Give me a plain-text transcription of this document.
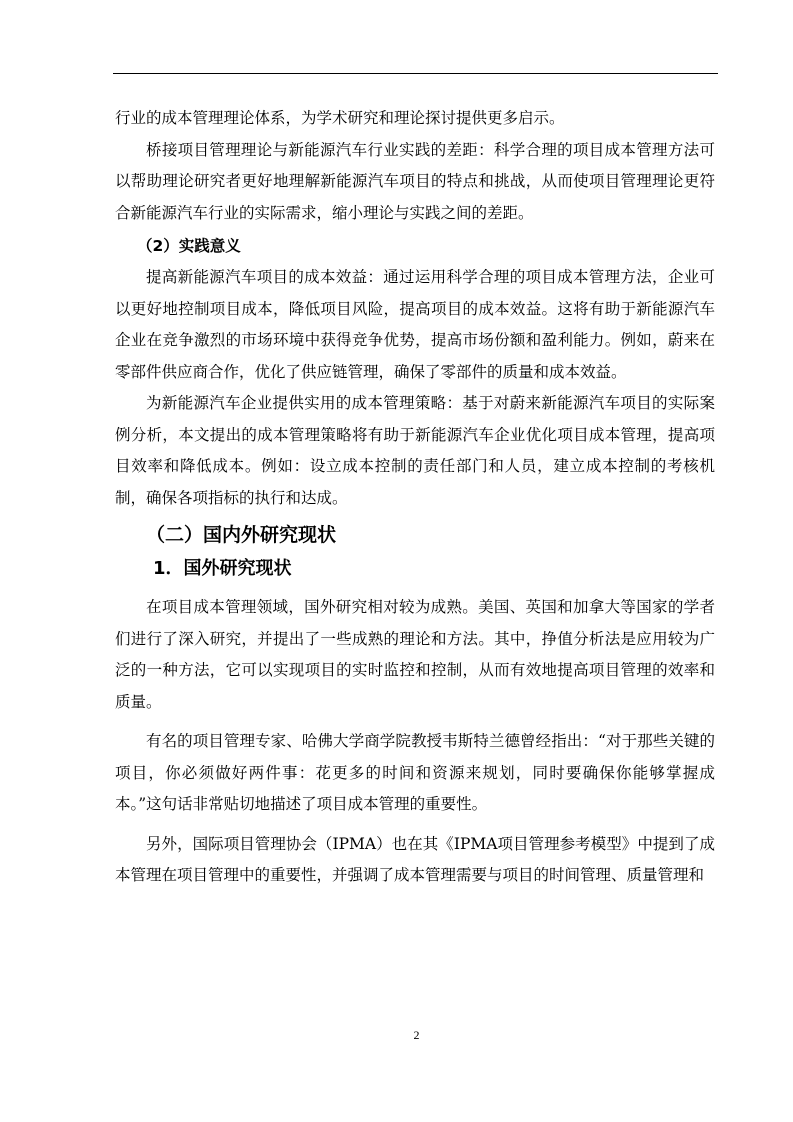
行业的成本管理理论体系，为学术研究和理论探讨提供更多启示。

桥接项目管理理论与新能源汽车行业实践的差距：科学合理的项目成本管理方法可以帮助理论研究者更好地理解新能源汽车项目的特点和挑战，从而使项目管理理论更符合新能源汽车行业的实际需求，缩小理论与实践之间的差距。

（2）实践意义

提高新能源汽车项目的成本效益：通过运用科学合理的项目成本管理方法，企业可以更好地控制项目成本，降低项目风险，提高项目的成本效益。这将有助于新能源汽车企业在竞争激烈的市场环境中获得竞争优势，提高市场份额和盈利能力。例如，蔚来在零部件供应商合作，优化了供应链管理，确保了零部件的质量和成本效益。

为新能源汽车企业提供实用的成本管理策略：基于对蔚来新能源汽车项目的实际案例分析，本文提出的成本管理策略将有助于新能源汽车企业优化项目成本管理，提高项目效率和降低成本。例如：设立成本控制的责任部门和人员，建立成本控制的考核机制，确保各项指标的执行和达成。

（二）国内外研究现状
1．国外研究现状

在项目成本管理领域，国外研究相对较为成熟。美国、英国和加拿大等国家的学者们进行了深入研究，并提出了一些成熟的理论和方法。其中，挣值分析法是应用较为广泛的一种方法，它可以实现项目的实时监控和控制，从而有效地提高项目管理的效率和质量。

有名的项目管理专家、哈佛大学商学院教授韦斯特兰德曾经指出：“对于那些关键的项目，你必须做好两件事：花更多的时间和资源来规划，同时要确保你能够掌握成本。”这句话非常贴切地描述了项目成本管理的重要性。

另外，国际项目管理协会（IPMA）也在其《IPMA项目管理参考模型》中提到了成本管理在项目管理中的重要性，并强调了成本管理需要与项目的时间管理、质量管理和

2
